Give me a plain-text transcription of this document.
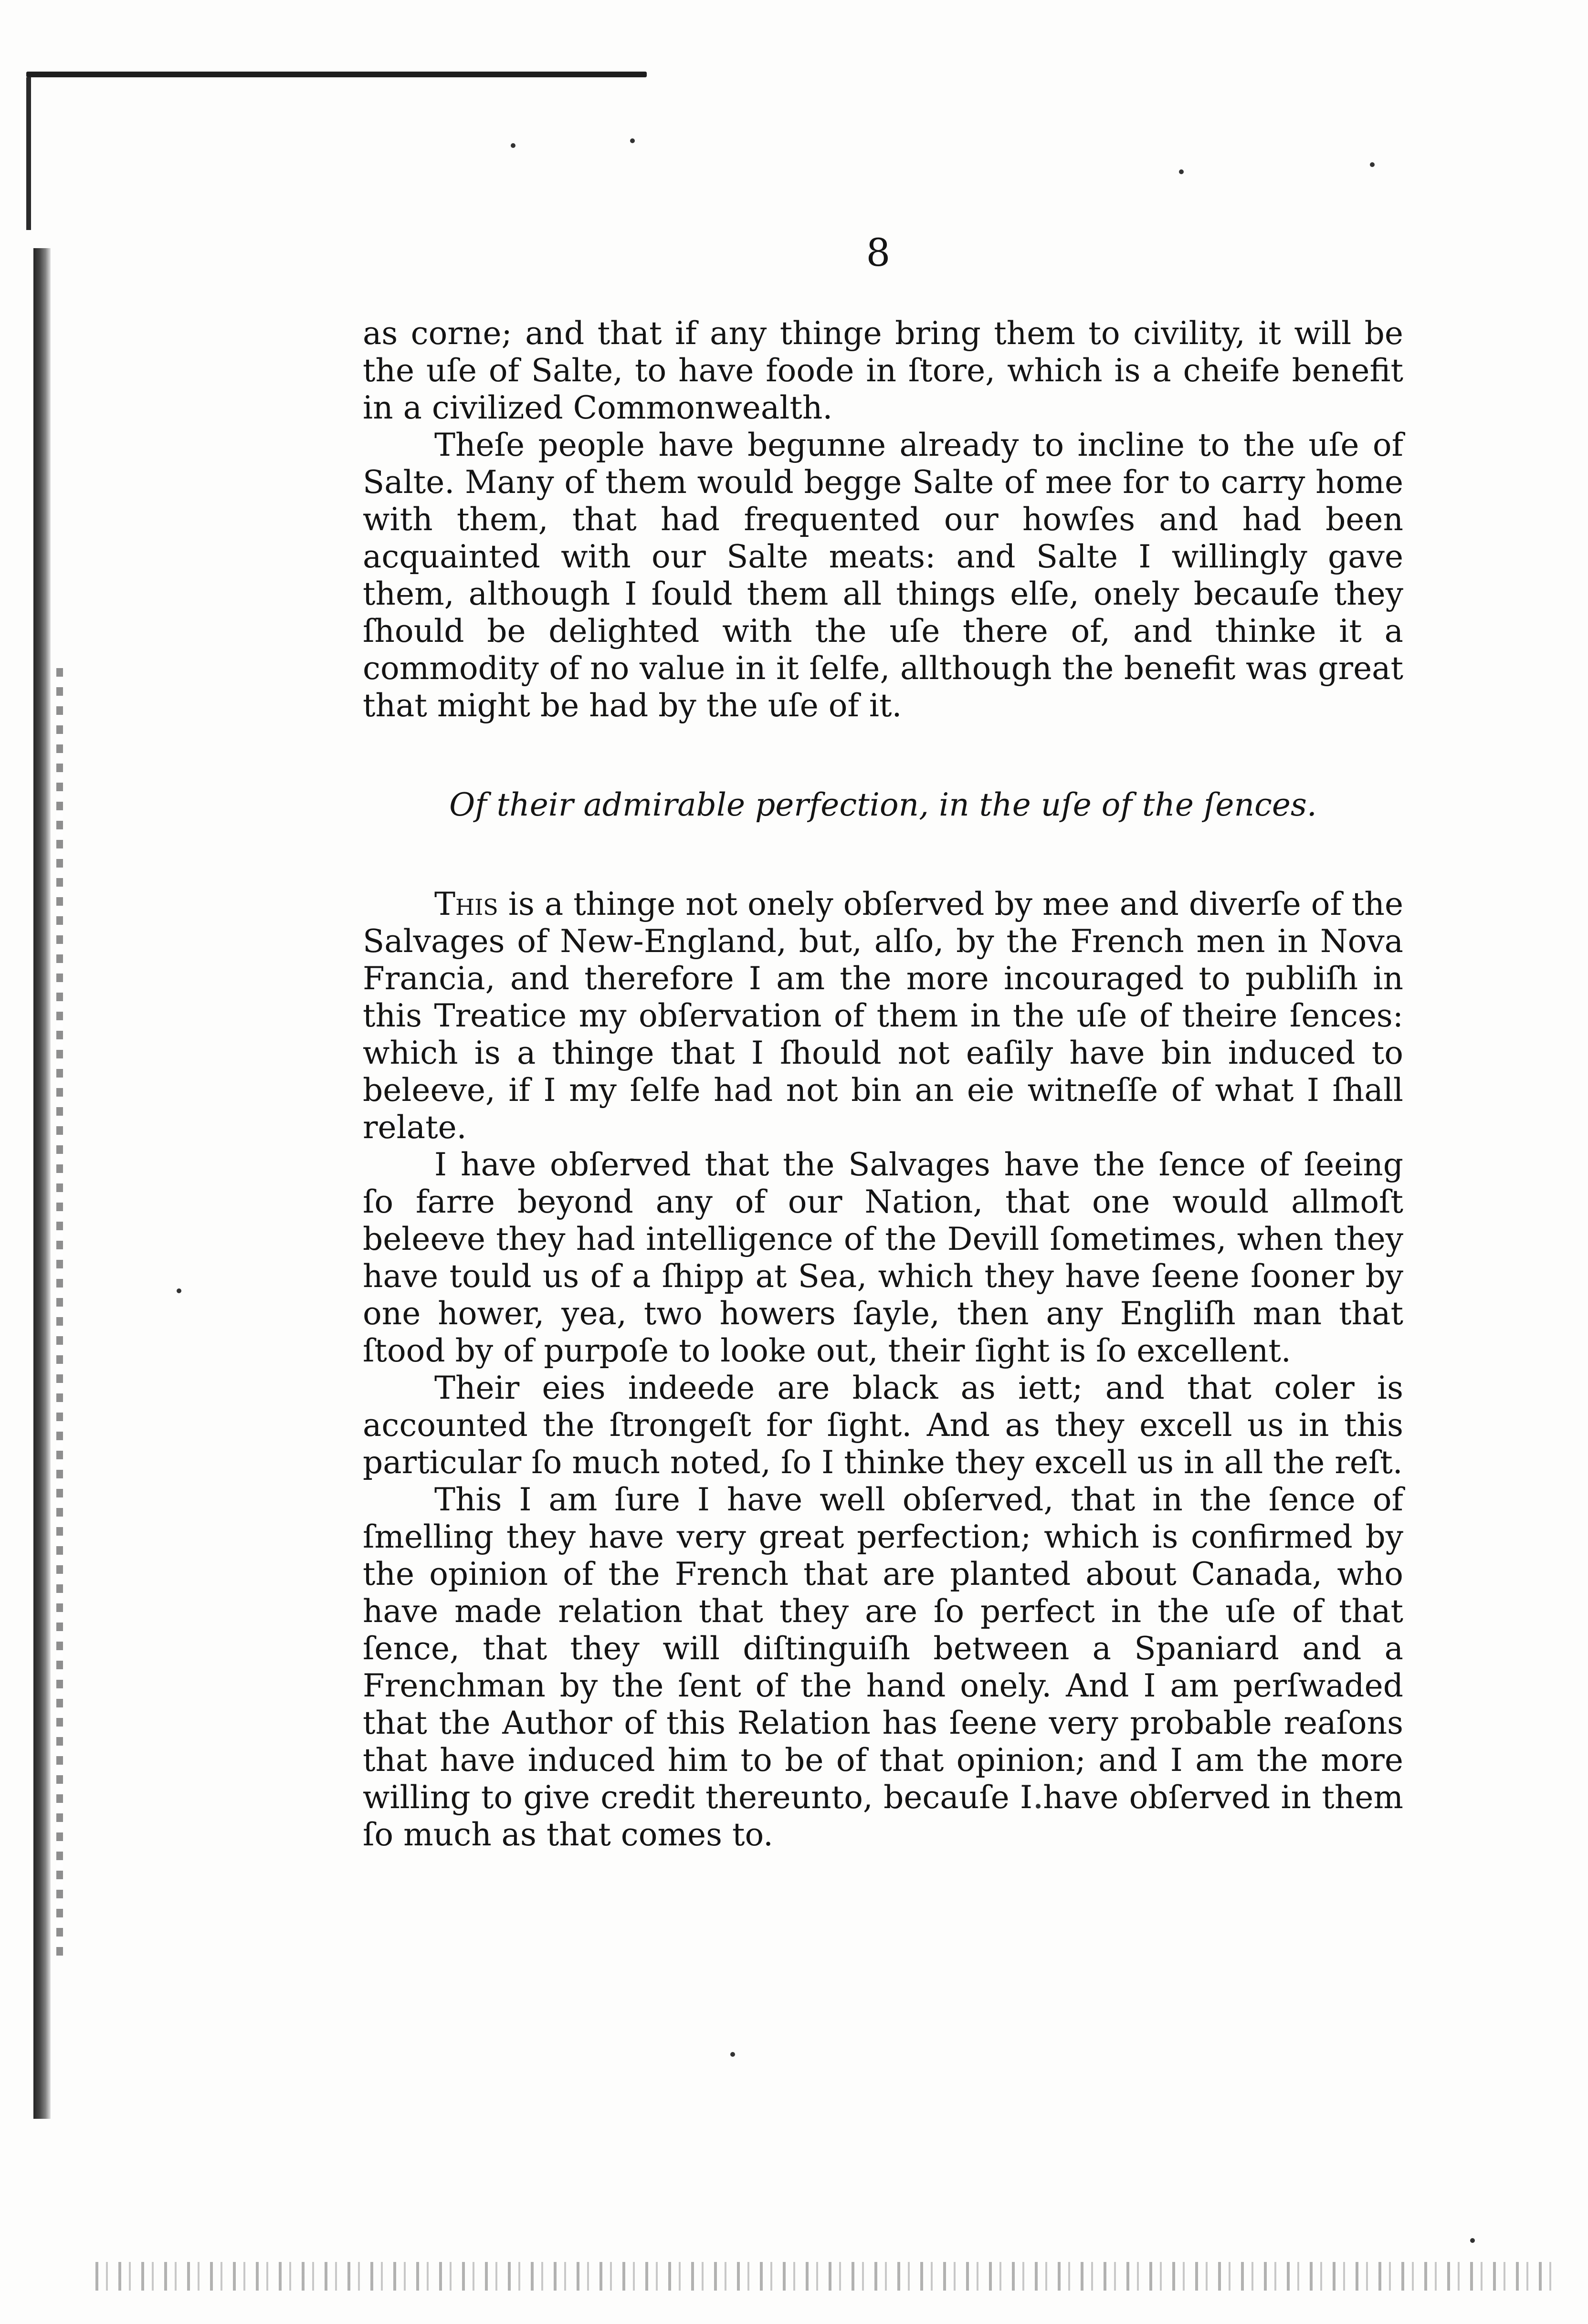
8

as corne; and that if any thinge bring them to civility, it will be the uſe of Salte, to have foode in ſtore, which is a cheife benefit in a civilized Commonwealth.

Theſe people have begunne already to incline to the uſe of Salte. Many of them would begge Salte of mee for to carry home with them, that had frequented our howſes and had been acquainted with our Salte meats: and Salte I willingly gave them, although I ſould them all things elſe, onely becauſe they ſhould be delighted with the uſe there of, and thinke it a commodity of no value in it ſelfe, allthough the benefit was great that might be had by the uſe of it.

Of their admirable perfection, in the uſe of the ſences.

This is a thinge not onely obſerved by mee and diverſe of the Salvages of New-England, but, alſo, by the French men in Nova Francia, and therefore I am the more incouraged to publiſh in this Treatice my obſervation of them in the uſe of theire ſences: which is a thinge that I ſhould not eaſily have bin induced to beleeve, if I my ſelfe had not bin an eie witneſſe of what I ſhall relate.

I have obſerved that the Salvages have the ſence of ſeeing ſo farre beyond any of our Nation, that one would allmoſt beleeve they had intelligence of the Devill ſometimes, when they have tould us of a ſhipp at Sea, which they have ſeene ſooner by one hower, yea, two howers ſayle, then any Engliſh man that ſtood by of purpoſe to looke out, their ſight is ſo excellent.

Their eies indeede are black as iett; and that coler is accounted the ſtrongeſt for ſight. And as they excell us in this particular ſo much noted, ſo I thinke they excell us in all the reſt.

This I am ſure I have well obſerved, that in the ſence of ſmelling they have very great perfection; which is confirmed by the opinion of the French that are planted about Canada, who have made relation that they are ſo perfect in the uſe of that ſence, that they will diſtinguiſh between a Spaniard and a Frenchman by the ſent of the hand onely. And I am perſwaded that the Author of this Relation has ſeene very probable reaſons that have induced him to be of that opinion; and I am the more willing to give credit thereunto, becauſe I have obſerved in them ſo much as that comes to.
